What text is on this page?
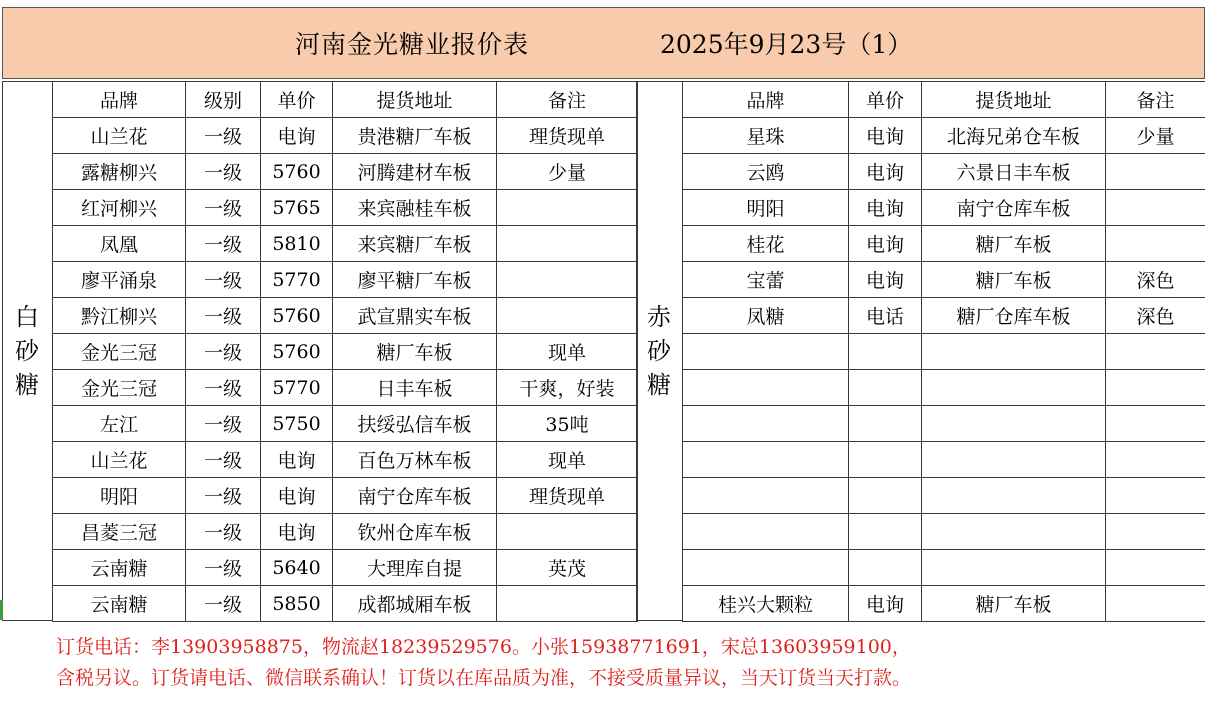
河南金光糖业报价表	2025年9月23号（1）
白
砂
糖
品牌	级别	单价	提货地址	备注
山兰花	一级	电询	贵港糖厂车板	理货现单
露糖柳兴	一级	5760	河腾建材车板	少量
红河柳兴	一级	5765	来宾融桂车板	
凤凰	一级	5810	来宾糖厂车板	
廖平涌泉	一级	5770	廖平糖厂车板	
黔江柳兴	一级	5760	武宣鼎实车板	
金光三冠	一级	5760	糖厂车板	现单
金光三冠	一级	5770	日丰车板	干爽，好装
左江	一级	5750	扶绥弘信车板	35吨
山兰花	一级	电询	百色万林车板	现单
明阳	一级	电询	南宁仓库车板	理货现单
昌菱三冠	一级	电询	钦州仓库车板	
云南糖	一级	5640	大理库自提	英茂
云南糖	一级	5850	成都城厢车板	
赤
砂
糖
品牌	单价	提货地址	备注
星珠	电询	北海兄弟仓车板	少量
云鸥	电询	六景日丰车板	
明阳	电询	南宁仓库车板	
桂花	电询	糖厂车板	
宝蕾	电询	糖厂车板	深色
凤糖	电话	糖厂仓库车板	深色

桂兴大颗粒	电询	糖厂车板	
订货电话：李13903958875，物流赵18239529576。小张15938771691，宋总13603959100，
含税另议。订货请电话、微信联系确认！订货以在库品质为准，不接受质量异议，当天订货当天打款。
